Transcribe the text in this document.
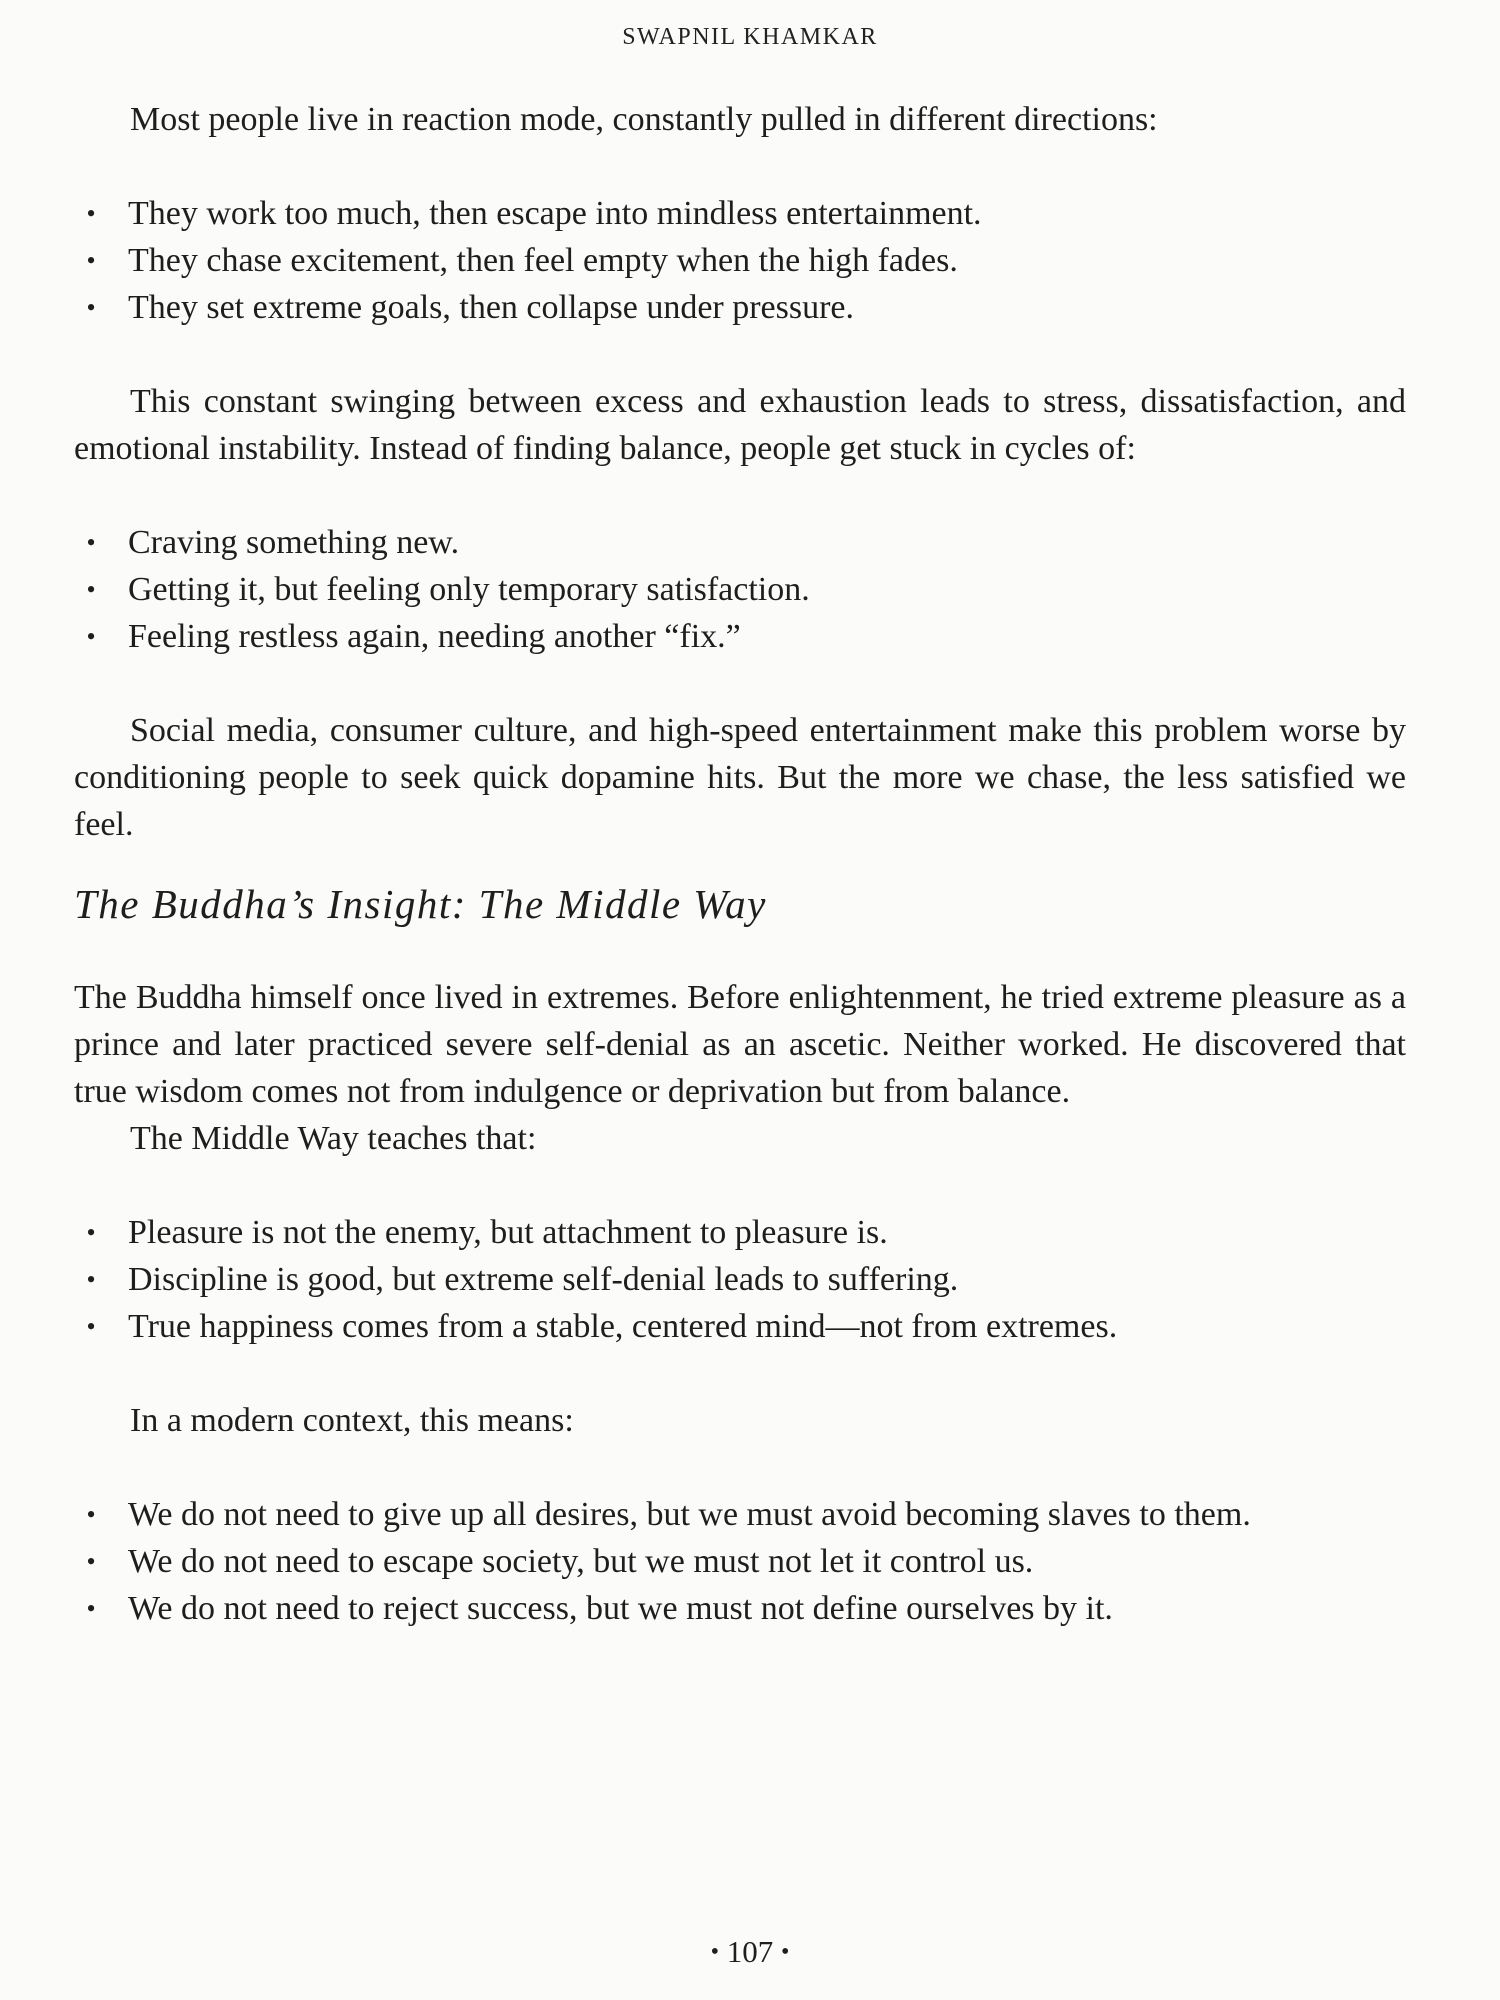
SWAPNIL KHAMKAR

Most people live in reaction mode, constantly pulled in different directions:

• They work too much, then escape into mindless entertainment.
• They chase excitement, then feel empty when the high fades.
• They set extreme goals, then collapse under pressure.

This constant swinging between excess and exhaustion leads to stress, dissatisfaction, and emotional instability. Instead of finding balance, people get stuck in cycles of:

• Craving something new.
• Getting it, but feeling only temporary satisfaction.
• Feeling restless again, needing another “fix.”

Social media, consumer culture, and high-speed entertainment make this problem worse by conditioning people to seek quick dopamine hits. But the more we chase, the less satisfied we feel.

The Buddha’s Insight: The Middle Way

The Buddha himself once lived in extremes. Before enlightenment, he tried extreme pleasure as a prince and later practiced severe self-denial as an ascetic. Neither worked. He discovered that true wisdom comes not from indulgence or deprivation but from balance.

The Middle Way teaches that:

• Pleasure is not the enemy, but attachment to pleasure is.
• Discipline is good, but extreme self-denial leads to suffering.
• True happiness comes from a stable, centered mind—not from extremes.

In a modern context, this means:

• We do not need to give up all desires, but we must avoid becoming slaves to them.
• We do not need to escape society, but we must not let it control us.
• We do not need to reject success, but we must not define ourselves by it.
• 107 •
